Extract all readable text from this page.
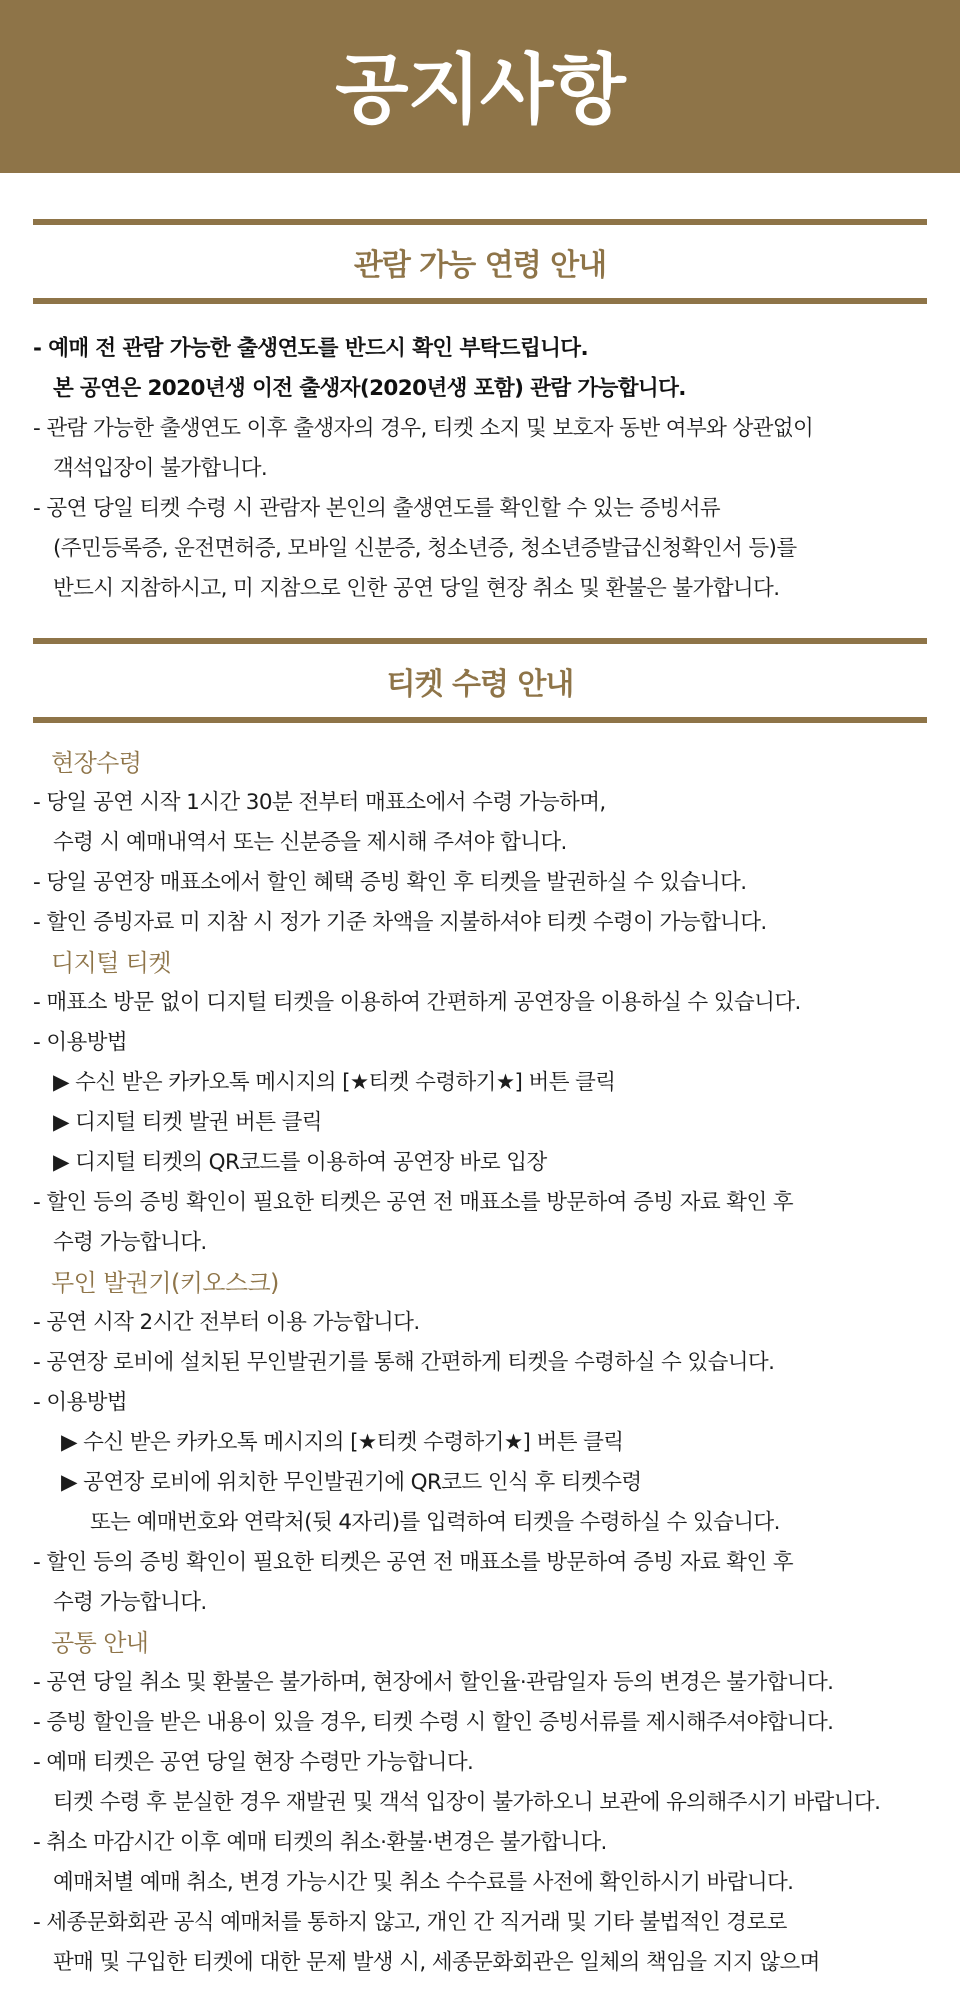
공지사항
관람 가능 연령 안내
- 예매 전 관람 가능한 출생연도를 반드시 확인 부탁드립니다.
본 공연은 2020년생 이전 출생자(2020년생 포함) 관람 가능합니다.
- 관람 가능한 출생연도 이후 출생자의 경우, 티켓 소지 및 보호자 동반 여부와 상관없이
객석입장이 불가합니다.
- 공연 당일 티켓 수령 시 관람자 본인의 출생연도를 확인할 수 있는 증빙서류
(주민등록증, 운전면허증, 모바일 신분증, 청소년증, 청소년증발급신청확인서 등)를
반드시 지참하시고, 미 지참으로 인한 공연 당일 현장 취소 및 환불은 불가합니다.
티켓 수령 안내
현장수령
- 당일 공연 시작 1시간 30분 전부터 매표소에서 수령 가능하며,
수령 시 예매내역서 또는 신분증을 제시해 주셔야 합니다.
- 당일 공연장 매표소에서 할인 혜택 증빙 확인 후 티켓을 발권하실 수 있습니다.
- 할인 증빙자료 미 지참 시 정가 기준 차액을 지불하셔야 티켓 수령이 가능합니다.
디지털 티켓
- 매표소 방문 없이 디지털 티켓을 이용하여 간편하게 공연장을 이용하실 수 있습니다.
- 이용방법
▶ 수신 받은 카카오톡 메시지의 [★티켓 수령하기★] 버튼 클릭
▶ 디지털 티켓 발권 버튼 클릭
▶ 디지털 티켓의 QR코드를 이용하여 공연장 바로 입장
- 할인 등의 증빙 확인이 필요한 티켓은 공연 전 매표소를 방문하여 증빙 자료 확인 후
수령 가능합니다.
무인 발권기(키오스크)
- 공연 시작 2시간 전부터 이용 가능합니다.
- 공연장 로비에 설치된 무인발권기를 통해 간편하게 티켓을 수령하실 수 있습니다.
- 이용방법
▶ 수신 받은 카카오톡 메시지의 [★티켓 수령하기★] 버튼 클릭
▶ 공연장 로비에 위치한 무인발권기에 QR코드 인식 후 티켓수령
또는 예매번호와 연락처(뒷 4자리)를 입력하여 티켓을 수령하실 수 있습니다.
- 할인 등의 증빙 확인이 필요한 티켓은 공연 전 매표소를 방문하여 증빙 자료 확인 후
수령 가능합니다.
공통 안내
- 공연 당일 취소 및 환불은 불가하며, 현장에서 할인율·관람일자 등의 변경은 불가합니다.
- 증빙 할인을 받은 내용이 있을 경우, 티켓 수령 시 할인 증빙서류를 제시해주셔야합니다.
- 예매 티켓은 공연 당일 현장 수령만 가능합니다.
티켓 수령 후 분실한 경우 재발권 및 객석 입장이 불가하오니 보관에 유의해주시기 바랍니다.
- 취소 마감시간 이후 예매 티켓의 취소·환불·변경은 불가합니다.
예매처별 예매 취소, 변경 가능시간 및 취소 수수료를 사전에 확인하시기 바랍니다.
- 세종문화회관 공식 예매처를 통하지 않고, 개인 간 직거래 및 기타 불법적인 경로로
판매 및 구입한 티켓에 대한 문제 발생 시, 세종문화회관은 일체의 책임을 지지 않으며
